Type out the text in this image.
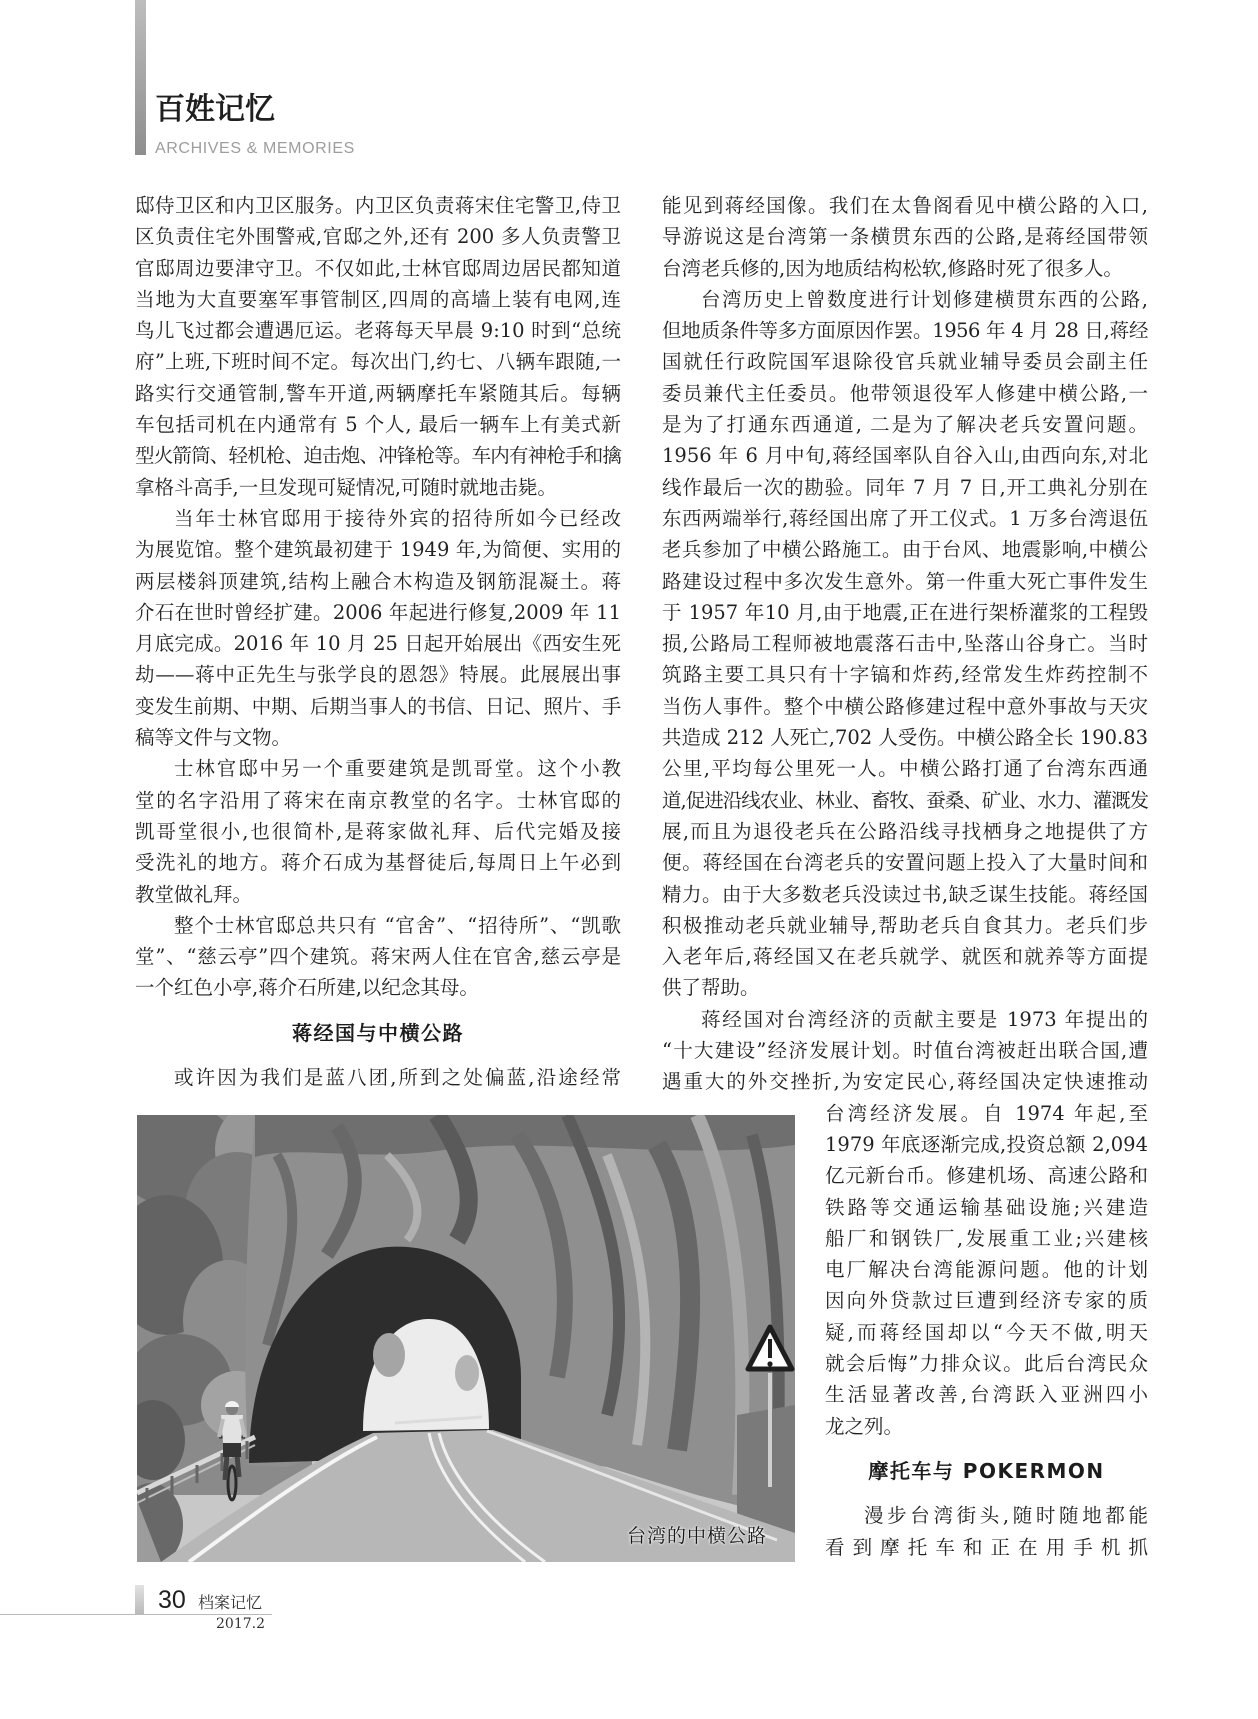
百姓记忆
ARCHIVES & MEMORIES
邸侍卫区和内卫区服务。内卫区负责蒋宋住宅警卫,侍卫
区负责住宅外围警戒,官邸之外,还有 200 多人负责警卫
官邸周边要津守卫。不仅如此,士林官邸周边居民都知道
当地为大直要塞军事管制区,四周的高墙上装有电网,连
鸟儿飞过都会遭遇厄运。老蒋每天早晨 9:10 时到“总统
府”上班,下班时间不定。每次出门,约七、八辆车跟随,一
路实行交通管制,警车开道,两辆摩托车紧随其后。每辆
车包括司机在内通常有 5 个人, 最后一辆车上有美式新
型火箭筒、轻机枪、迫击炮、冲锋枪等。车内有神枪手和擒
拿格斗高手,一旦发现可疑情况,可随时就地击毙。
当年士林官邸用于接待外宾的招待所如今已经改
为展览馆。整个建筑最初建于 1949 年,为简便、实用的
两层楼斜顶建筑,结构上融合木构造及钢筋混凝土。蒋
介石在世时曾经扩建。2006 年起进行修复,2009 年 11
月底完成。2016 年 10 月 25 日起开始展出《西安生死
劫——蒋中正先生与张学良的恩怨》特展。此展展出事
变发生前期、中期、后期当事人的书信、日记、照片、手
稿等文件与文物。
士林官邸中另一个重要建筑是凯哥堂。这个小教
堂的名字沿用了蒋宋在南京教堂的名字。士林官邸的
凯哥堂很小,也很简朴,是蒋家做礼拜、后代完婚及接
受洗礼的地方。蒋介石成为基督徒后,每周日上午必到
教堂做礼拜。
整个士林官邸总共只有 “官舍”、“招待所”、“凯歌
堂”、“慈云亭”四个建筑。蒋宋两人住在官舍,慈云亭是
一个红色小亭,蒋介石所建,以纪念其母。
蒋经国与中横公路
或许因为我们是蓝八团,所到之处偏蓝,沿途经常
能见到蒋经国像。我们在太鲁阁看见中横公路的入口,
导游说这是台湾第一条横贯东西的公路,是蒋经国带领
台湾老兵修的,因为地质结构松软,修路时死了很多人。
台湾历史上曾数度进行计划修建横贯东西的公路,
但地质条件等多方面原因作罢。1956 年 4 月 28 日,蒋经
国就任行政院国军退除役官兵就业辅导委员会副主任
委员兼代主任委员。他带领退役军人修建中横公路,一
是为了打通东西通道, 二是为了解决老兵安置问题。
1956 年 6 月中旬,蒋经国率队自谷入山,由西向东,对北
线作最后一次的勘验。同年 7 月 7 日,开工典礼分别在
东西两端举行,蒋经国出席了开工仪式。1 万多台湾退伍
老兵参加了中横公路施工。由于台风、地震影响,中横公
路建设过程中多次发生意外。第一件重大死亡事件发生
于 1957 年10 月,由于地震,正在进行架桥灌浆的工程毁
损,公路局工程师被地震落石击中,坠落山谷身亡。当时
筑路主要工具只有十字镐和炸药,经常发生炸药控制不
当伤人事件。整个中横公路修建过程中意外事故与天灾
共造成 212 人死亡,702 人受伤。中横公路全长 190.83
公里,平均每公里死一人。中横公路打通了台湾东西通
道,促进沿线农业、林业、畜牧、蚕桑、矿业、水力、灌溉发
展,而且为退役老兵在公路沿线寻找栖身之地提供了方
便。蒋经国在台湾老兵的安置问题上投入了大量时间和
精力。由于大多数老兵没读过书,缺乏谋生技能。蒋经国
积极推动老兵就业辅导,帮助老兵自食其力。老兵们步
入老年后,蒋经国又在老兵就学、就医和就养等方面提
供了帮助。
蒋经国对台湾经济的贡献主要是 1973 年提出的
“十大建设”经济发展计划。时值台湾被赶出联合国,遭
遇重大的外交挫折,为安定民心,蒋经国决定快速推动
台湾经济发展。自 1974 年起,至
1979 年底逐渐完成,投资总额 2,094
亿元新台币。修建机场、高速公路和
铁路等交通运输基础设施;兴建造
船厂和钢铁厂,发展重工业;兴建核
电厂解决台湾能源问题。他的计划
因向外贷款过巨遭到经济专家的质
疑,而蒋经国却以“今天不做,明天
就会后悔”力排众议。此后台湾民众
生活显著改善,台湾跃入亚洲四小
龙之列。
摩托车与 POKERMON
漫步台湾街头,随时随地都能
看到摩托车和正在用手机抓
台湾的中横公路
30 档案记忆
2017.2
